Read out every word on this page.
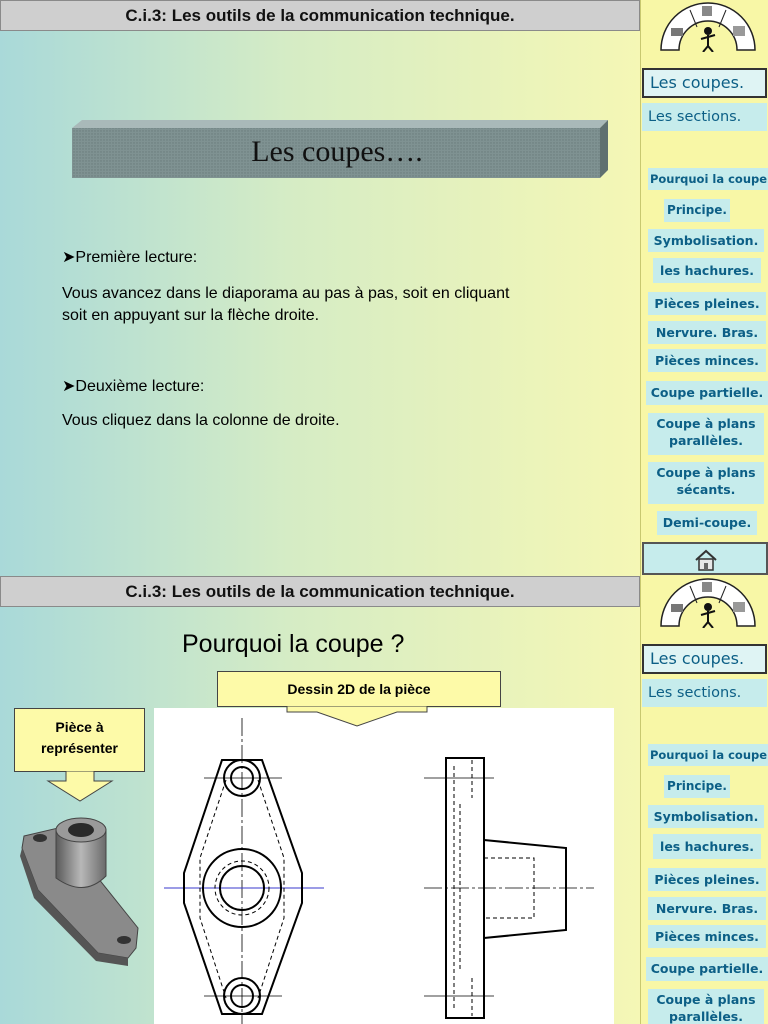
C.i.3: Les outils de la communication technique.
Les coupes….
➤Première lecture:
Vous avancez dans le diaporama au pas à pas, soit en cliquant
soit en appuyant sur la flèche droite.
➤Deuxième lecture:
Vous cliquez dans la colonne de droite.
Les coupes.
Les sections.
Pourquoi la coupe
Principe.
Symbolisation.
les hachures.
Pièces pleines.
Nervure. Bras.
Pièces minces.
Coupe partielle.
Coupe à plans
parallèles.
Coupe à plans
sécants.
Demi-coupe.
C.i.3: Les outils de la communication technique.
Pourquoi la coupe ?
Dessin 2D de la pièce
Pièce à
représenter
Les coupes.
Les sections.
Pourquoi la coupe
Principe.
Symbolisation.
les hachures.
Pièces pleines.
Nervure. Bras.
Pièces minces.
Coupe partielle.
Coupe à plans
parallèles.
